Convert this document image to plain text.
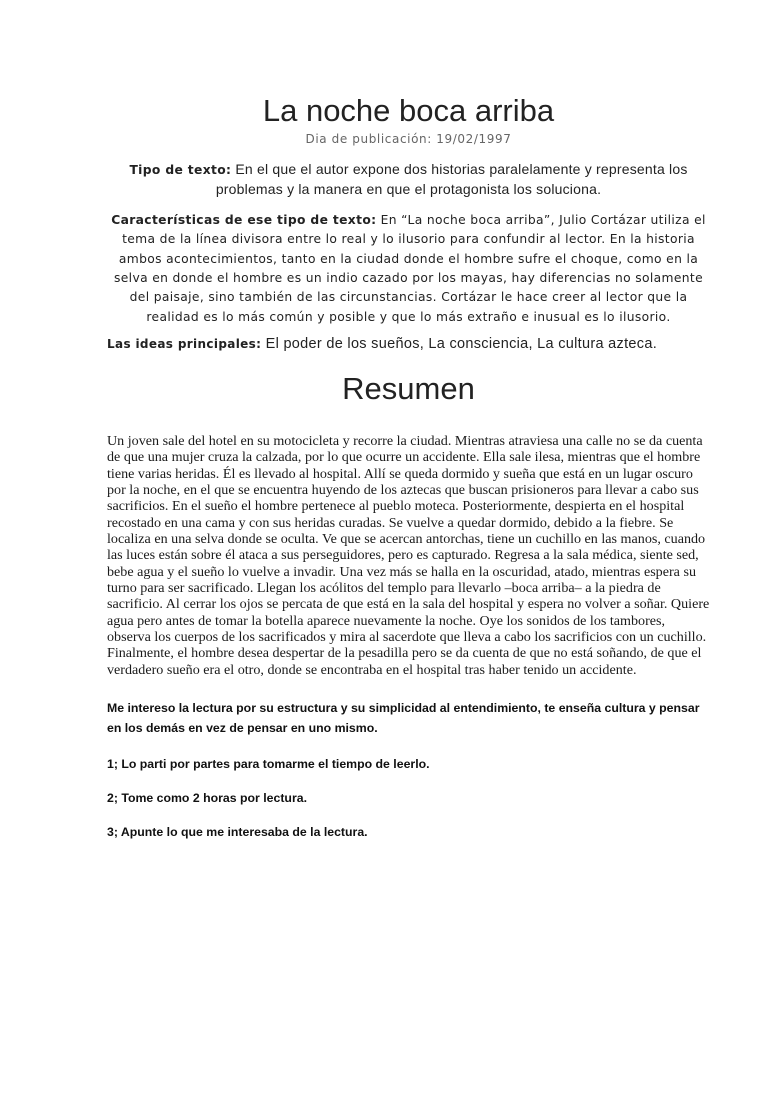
La noche boca arriba
Dia de publicación: 19/02/1997
Tipo de texto: En el que el autor expone dos historias paralelamente y representa los problemas y la manera en que el protagonista los soluciona.
Características de ese tipo de texto: En “La noche boca arriba”, Julio Cortázar utiliza el tema de la línea divisora entre lo real y lo ilusorio para confundir al lector. En la historia ambos acontecimientos, tanto en la ciudad donde el hombre sufre el choque, como en la selva en donde el hombre es un indio cazado por los mayas, hay diferencias no solamente del paisaje, sino también de las circunstancias. Cortázar le hace creer al lector que la realidad es lo más común y posible y que lo más extraño e inusual es lo ilusorio.
Las ideas principales: El poder de los sueños, La consciencia, La cultura azteca.
Resumen
Un joven sale del hotel en su motocicleta y recorre la ciudad. Mientras atraviesa una calle no se da cuenta de que una mujer cruza la calzada, por lo que ocurre un accidente. Ella sale ilesa, mientras que el hombre tiene varias heridas. Él es llevado al hospital. Allí se queda dormido y sueña que está en un lugar oscuro por la noche, en el que se encuentra huyendo de los aztecas que buscan prisioneros para llevar a cabo sus sacrificios. En el sueño el hombre pertenece al pueblo moteca. Posteriormente, despierta en el hospital recostado en una cama y con sus heridas curadas. Se vuelve a quedar dormido, debido a la fiebre. Se localiza en una selva donde se oculta. Ve que se acercan antorchas, tiene un cuchillo en las manos, cuando las luces están sobre él ataca a sus perseguidores, pero es capturado. Regresa a la sala médica, siente sed, bebe agua y el sueño lo vuelve a invadir. Una vez más se halla en la oscuridad, atado, mientras espera su turno para ser sacrificado. Llegan los acólitos del templo para llevarlo –boca arriba– a la piedra de sacrificio. Al cerrar los ojos se percata de que está en la sala del hospital y espera no volver a soñar. Quiere agua pero antes de tomar la botella aparece nuevamente la noche. Oye los sonidos de los tambores, observa los cuerpos de los sacrificados y mira al sacerdote que lleva a cabo los sacrificios con un cuchillo. Finalmente, el hombre desea despertar de la pesadilla pero se da cuenta de que no está soñando, de que el verdadero sueño era el otro, donde se encontraba en el hospital tras haber tenido un accidente.

Me intereso la lectura por su estructura y su simplicidad al entendimiento, te enseña cultura y pensar en los demás en vez de pensar en uno mismo.

1; Lo parti por partes para tomarme el tiempo de leerlo.

2; Tome como 2 horas por lectura.

3; Apunte lo que me interesaba de la lectura.
